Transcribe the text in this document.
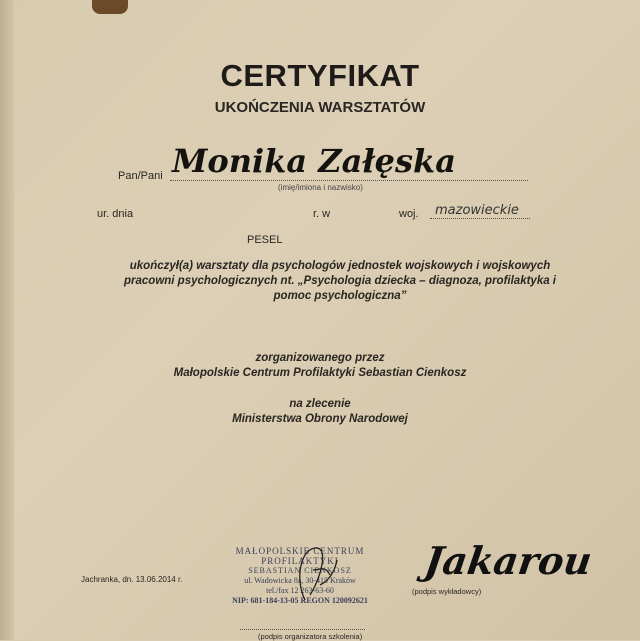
CERTYFIKAT
UKOŃCZENIA WARSZTATÓW
Pan/Pani Monika Załęska
(imię/imiona i nazwisko)
ur. dnia	r. w	woj. mazowieckie
PESEL
ukończył(a) warsztaty dla psychologów jednostek wojskowych i wojskowych pracowni psychologicznych nt. „Psychologia dziecka – diagnoza, profilaktyka i pomoc psychologiczna”
zorganizowanego przez
Małopolskie Centrum Profilaktyki Sebastian Cienkosz
na zlecenie
Ministerstwa Obrony Narodowej
Jachranka, dn. 13.06.2014 r.
MAŁOPOLSKIE CENTRUM
PROFILAKTYKI
SEBASTIAN CIENKOSZ
ul. Wadowicka 8a, 30-415 Kraków
tel./fax 12 263-63-60
NIP: 681-184-13-05 REGON 120092621
(podpis organizatora szkolenia)
Jakarou
(podpis wykładowcy)
